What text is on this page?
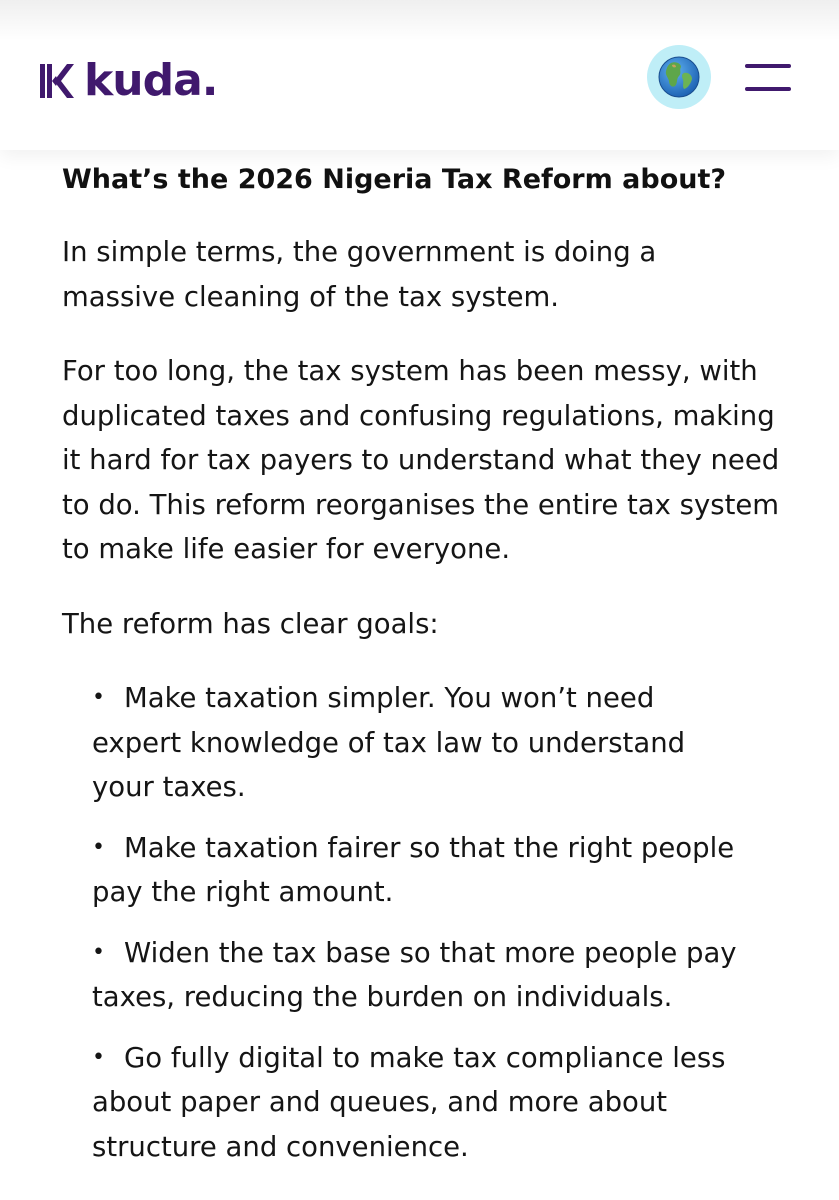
kuda.
What’s the 2026 Nigeria Tax Reform about?

In simple terms, the government is doing a massive cleaning of the tax system.

For too long, the tax system has been messy, with duplicated taxes and confusing regulations, making it hard for tax payers to understand what they need to do. This reform reorganises the entire tax system to make life easier for everyone.

The reform has clear goals:

• Make taxation simpler. You won’t need expert knowledge of tax law to understand your taxes.
• Make taxation fairer so that the right people pay the right amount.
• Widen the tax base so that more people pay taxes, reducing the burden on individuals.
• Go fully digital to make tax compliance less about paper and queues, and more about structure and convenience.
